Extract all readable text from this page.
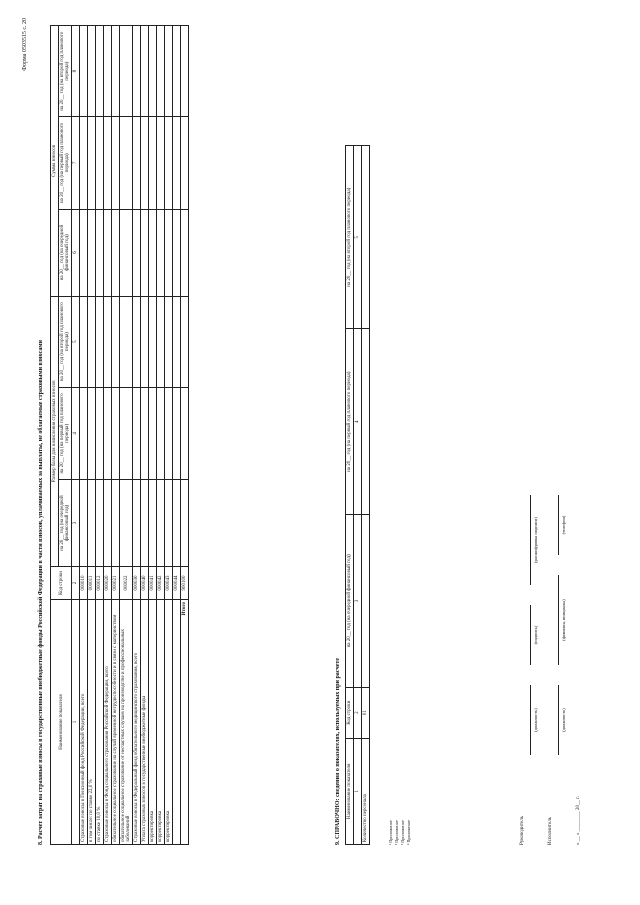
Форма 0503515 с. 20
8. Расчет затрат на страховые взносы в государственные внебюджетные фонды Российской Федерации в части взносов, уплачиваемых за выплаты, не облагаемые страховыми взносами	Наименование показателя	Код строки	Размер базы для начисления страховых взносов			Сумма взносов		
		на 20__ год (на очередной финансовый год)	на 20__ год (на первый год планового периода)	на 20__ год (на второй год планового периода)	на 20__ год (на очередной финансовый год)	на 20__ год (на первый год планового периода)	на 20__ год (на второй год планового периода)
1	2	3	4	5	6	7	8
Страховые взносы в Пенсионный фонд Российской Федерации, всего	000010						
в том числе: по ставке 22,0 %	000011						
по ставке 10,0 %	000012						
Страховые взносы в Фонд социального страхования Российской Федерации, всего	000020						
обязательное социальное страхование на случай временной нетрудоспособности и в связи с материнством	000021						
обязательное социальное страхование от несчастных случаев на производстве и профессиональных заболеваний	000022						
Страховые взносы в Федеральный фонд обязательного медицинского страхования, всего	000030						
Уплата страховых взносов в государственные внебюджетные фонды	000040						
корректировка	000041						
корректировка	000042						
корректировка	000043						
	000044						
Итого	900100						
9. СПРАВОЧНО: сведения о показателях, используемых при расчете Наименование показателя	Код строки	на 20__ год (на очередной финансовый год)	на 20__ год (на первый год планового периода)	на 20__ год (на второй год планового периода)
1	2	3	4	5
Количество персонала	01			
¹ Приложение ² Приложение ³ Приложение ⁴ Приложение	Руководитель
(должность)
(подпись)
(расшифровка подписи)
Исполнитель
(должность)
(фамилия, инициалы)
(телефон)
« __ » ________ 20__ г.
